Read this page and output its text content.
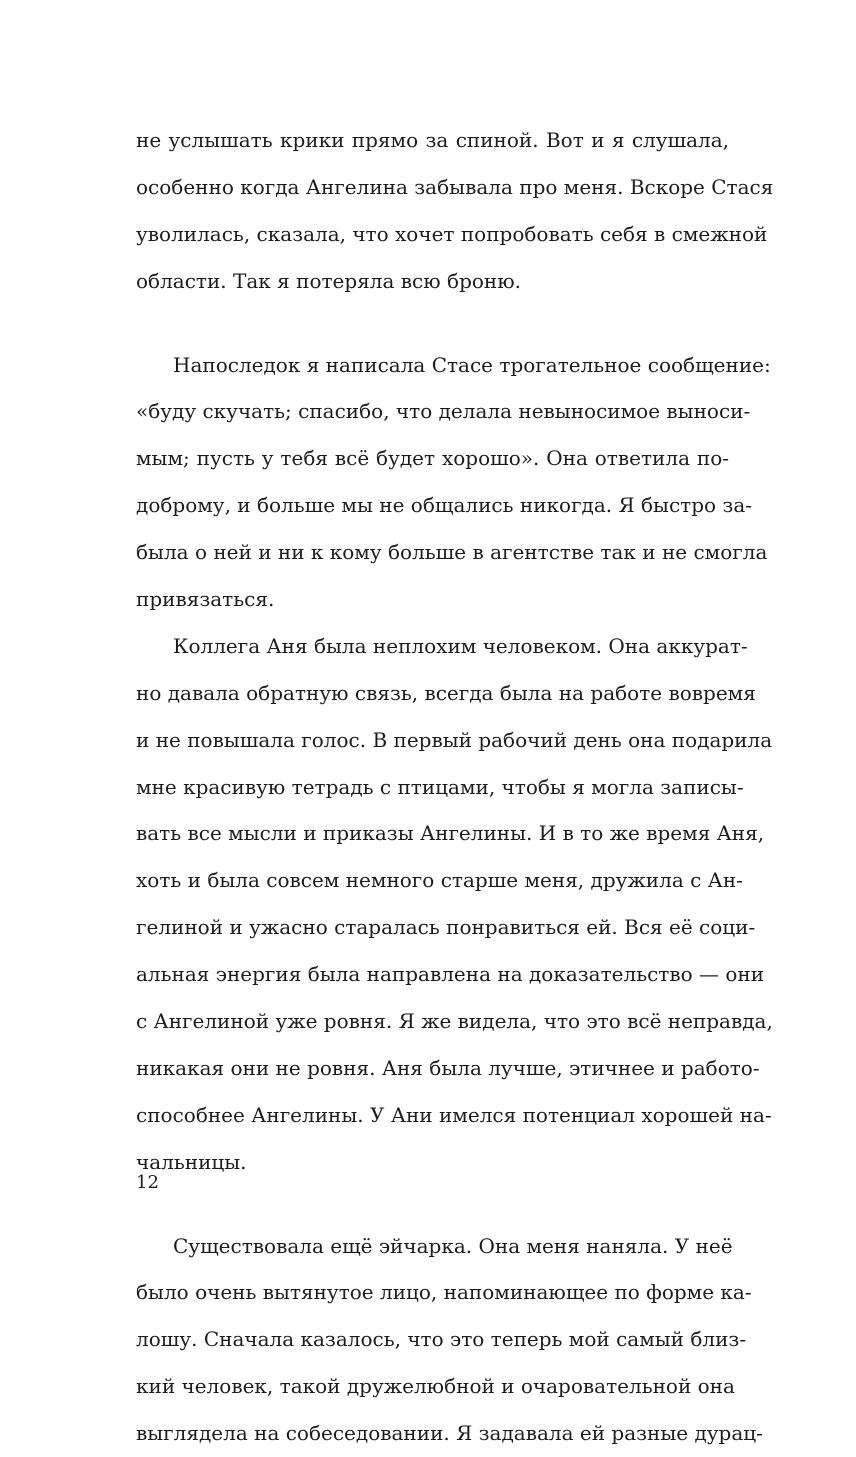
не услышать крики прямо за спиной. Вот и я слушала,
особенно когда Ангелина забывала про меня. Вскоре Стася
уволилась, сказала, что хочет попробовать себя в смежной
области. Так я потеряла всю броню.
Напоследок я написала Стасе трогательное сообщение:
«буду скучать; спасибо, что делала невыносимое выноси-
мым; пусть у тебя всё будет хорошо». Она ответила по-
доброму, и больше мы не общались никогда. Я быстро за-
была о ней и ни к кому больше в агентстве так и не смогла
привязаться.
Коллега Аня была неплохим человеком. Она аккурат-
но давала обратную связь, всегда была на работе вовремя
и не повышала голос. В первый рабочий день она подарила
мне красивую тетрадь с птицами, чтобы я могла записы-
вать все мысли и приказы Ангелины. И в то же время Аня,
хоть и была совсем немного старше меня, дружила с Ан-
гелиной и ужасно старалась понравиться ей. Вся её соци-
альная энергия была направлена на доказательство — они
с Ангелиной уже ровня. Я же видела, что это всё неправда,
никакая они не ровня. Аня была лучше, этичнее и работо-
способнее Ангелины. У Ани имелся потенциал хорошей на-
чальницы.
Существовала ещё эйчарка. Она меня наняла. У неё
было очень вытянутое лицо, напоминающее по форме ка-
лошу. Сначала казалось, что это теперь мой самый близ-
кий человек, такой дружелюбной и очаровательной она
выглядела на собеседовании. Я задавала ей разные дурац-
12
